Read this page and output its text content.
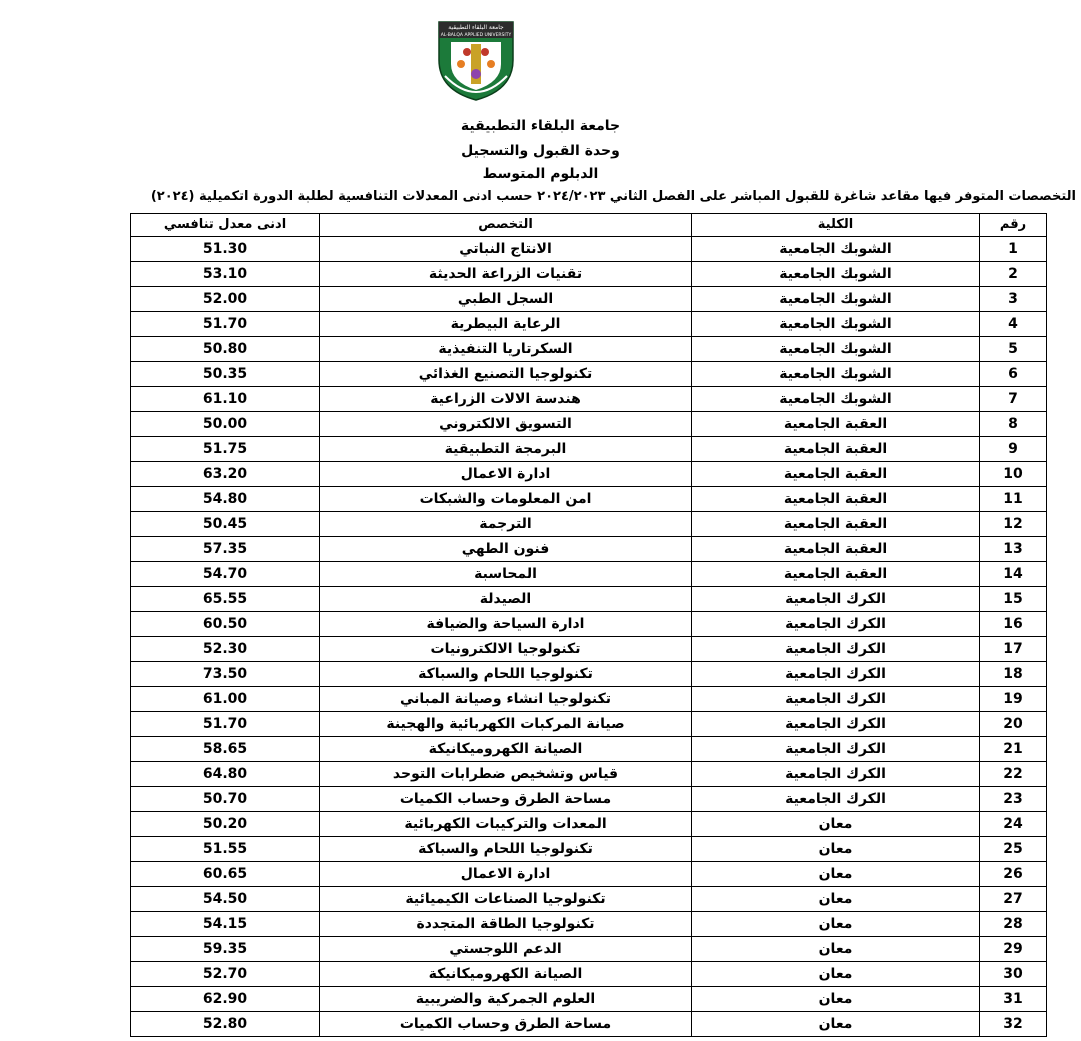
جامعة البلقاء التطبيقية
AL-BALQA APPLIED UNIVERSITY
جامعة البلقاء التطبيقية
وحدة القبول والتسجيل
الدبلوم المتوسط
التخصصات المتوفر فيها مقاعد شاغرة للقبول المباشر على الفصل الثاني ٢٠٢٤/٢٠٢٣ حسب ادنى المعدلات التنافسية لطلبة الدورة اتكميلية (٢٠٢٤)
ادنى معدل تنافسي	التخصص	الكلية	رقم
51.30	الانتاج النباتي	الشوبك الجامعية	1
53.10	تقنيات الزراعة الحديثة	الشوبك الجامعية	2
52.00	السجل الطبي	الشوبك الجامعية	3
51.70	الرعاية البيطرية	الشوبك الجامعية	4
50.80	السكرتاريا التنفيذية	الشوبك الجامعية	5
50.35	تكنولوجيا التصنيع الغذائي	الشوبك الجامعية	6
61.10	هندسة الالات الزراعية	الشوبك الجامعية	7
50.00	التسويق الالكتروني	العقبة الجامعية	8
51.75	البرمجة التطبيقية	العقبة الجامعية	9
63.20	ادارة الاعمال	العقبة الجامعية	10
54.80	امن المعلومات والشبكات	العقبة الجامعية	11
50.45	الترجمة	العقبة الجامعية	12
57.35	فنون الطهي	العقبة الجامعية	13
54.70	المحاسبة	العقبة الجامعية	14
65.55	الصيدلة	الكرك الجامعية	15
60.50	ادارة السياحة والضيافة	الكرك الجامعية	16
52.30	تكنولوجيا الالكترونيات	الكرك الجامعية	17
73.50	تكنولوجيا اللحام والسباكة	الكرك الجامعية	18
61.00	تكنولوجيا انشاء وصيانة المباني	الكرك الجامعية	19
51.70	صيانة المركبات الكهربائية والهجينة	الكرك الجامعية	20
58.65	الصيانة الكهروميكانيكة	الكرك الجامعية	21
64.80	قياس وتشخيص ضطرابات التوحد	الكرك الجامعية	22
50.70	مساحة الطرق وحساب الكميات	الكرك الجامعية	23
50.20	المعدات والتركيبات الكهربائية	معان	24
51.55	تكنولوجيا اللحام والسباكة	معان	25
60.65	ادارة الاعمال	معان	26
54.50	تكنولوجيا الصناعات الكيميائية	معان	27
54.15	تكنولوجيا الطاقة المتجددة	معان	28
59.35	الدعم اللوجستي	معان	29
52.70	الصيانة الكهروميكانيكة	معان	30
62.90	العلوم الجمركية والضريبية	معان	31
52.80	مساحة الطرق وحساب الكميات	معان	32
